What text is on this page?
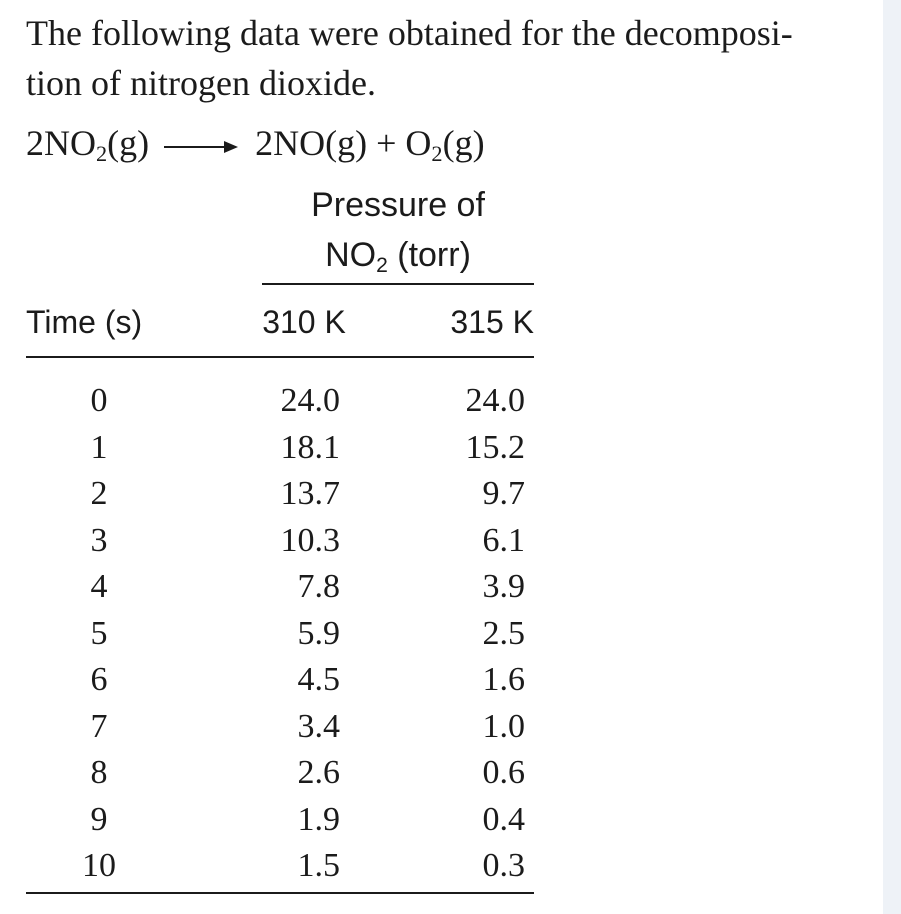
The following data were obtained for the decomposi-
tion of nitrogen dioxide.

$2NO_2(g) \to 2NO(g) + O_2(g)$
Pressure of
$NO_2$ (torr)
Time (s)	310 K	315 K
0	24.0	24.0
1	18.1	15.2
2	13.7	9.7
3	10.3	6.1
4	7.8	3.9
5	5.9	2.5
6	4.5	1.6
7	3.4	1.0
8	2.6	0.6
9	1.9	0.4
10	1.5	0.3
